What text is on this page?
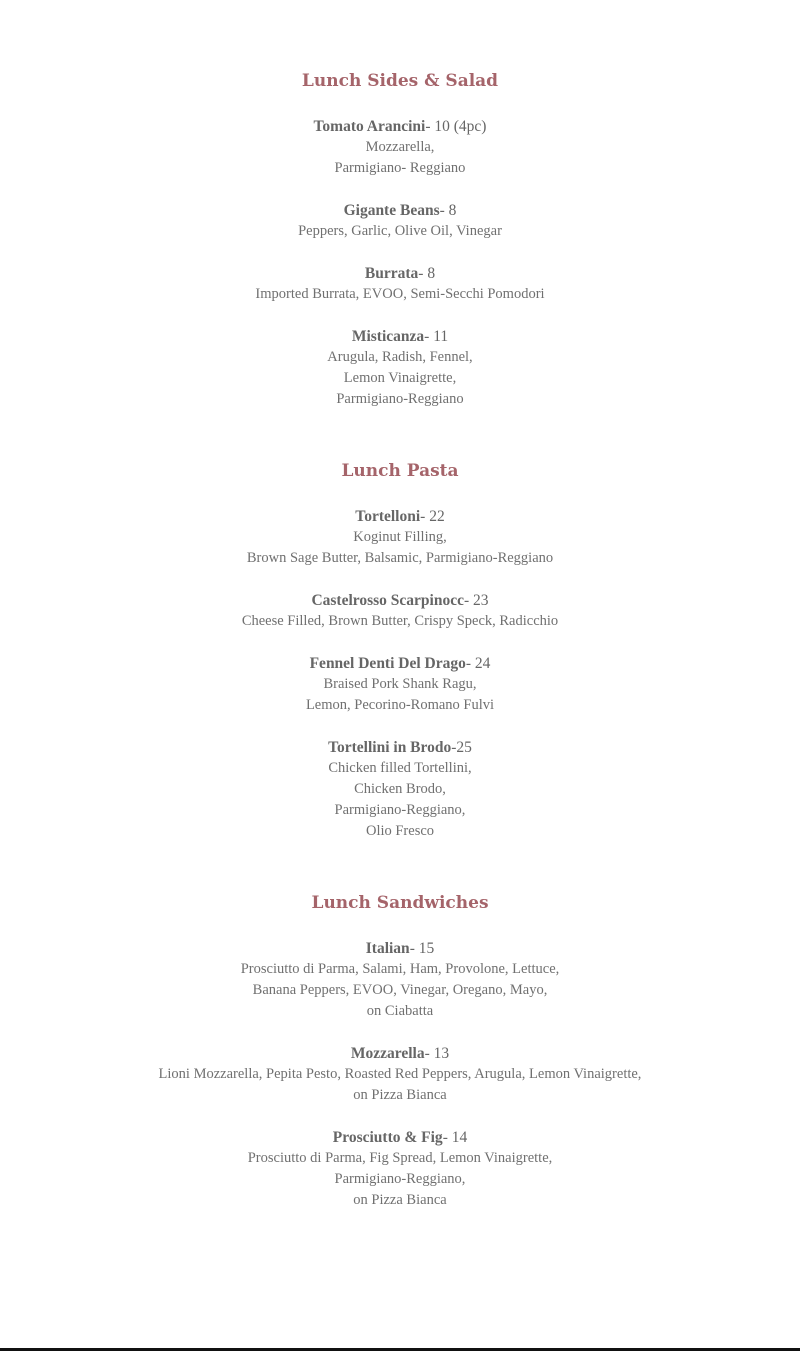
Lunch Sides & Salad
Tomato Arancini- 10 (4pc)
Mozzarella,
Parmigiano- Reggiano
Gigante Beans- 8
Peppers, Garlic, Olive Oil, Vinegar
Burrata- 8
Imported Burrata, EVOO, Semi-Secchi Pomodori
Misticanza- 11
Arugula, Radish, Fennel,
Lemon Vinaigrette,
Parmigiano-Reggiano
Lunch Pasta
Tortelloni- 22
Koginut Filling,
Brown Sage Butter, Balsamic, Parmigiano-Reggiano
Castelrosso Scarpinocc- 23
Cheese Filled, Brown Butter, Crispy Speck, Radicchio
Fennel Denti Del Drago- 24
Braised Pork Shank Ragu,
Lemon, Pecorino-Romano Fulvi
Tortellini in Brodo-25
Chicken filled Tortellini,
Chicken Brodo,
Parmigiano-Reggiano,
Olio Fresco
Lunch Sandwiches
Italian- 15
Prosciutto di Parma, Salami, Ham, Provolone, Lettuce,
Banana Peppers, EVOO, Vinegar, Oregano, Mayo,
on Ciabatta
Mozzarella- 13
Lioni Mozzarella, Pepita Pesto, Roasted Red Peppers, Arugula, Lemon Vinaigrette,
on Pizza Bianca
Prosciutto & Fig- 14
Prosciutto di Parma, Fig Spread, Lemon Vinaigrette,
Parmigiano-Reggiano,
on Pizza Bianca
